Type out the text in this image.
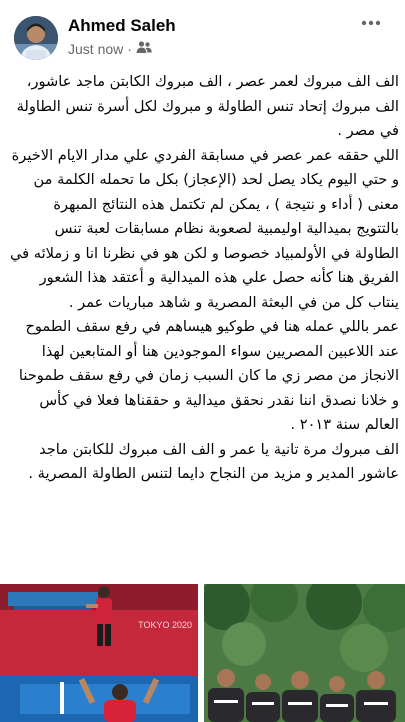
Ahmed Saleh
Just now ·

الف الف مبروك لعمر عصر ، الف مبروك الكابتن ماجد عاشور، الف مبروك إتحاد تنس الطاولة و مبروك لكل أسرة تنس الطاولة في مصر .

اللي حققه عمر عصر في مسابقة الفردي علي مدار الايام الاخيرة و حتي اليوم يكاد يصل لحد (الإعجاز) بكل ما تحمله الكلمة من معنى ( أداء و نتيجة ) ، يمكن لم تكتمل هذه النتائج المبهرة بالتتويج بميدالية اوليمبية لصعوبة نظام مسابقات لعبة تنس الطاولة في الأولمبياد خصوصا و لكن هو في نظرنا انا و زملائه في الفريق هنا كأنه حصل علي هذه الميدالية و أعتقد هذا الشعور ينتاب كل من في البعثة المصرية و شاهد مباريات عمر .

عمر باللي عمله هنا في طوكيو هيساهم في رفع سقف الطموح عند اللاعبين المصريين سواء الموجودين هنا أو المتابعين لهذا الانجاز من مصر زي ما كان السبب زمان في رفع سقف طموحنا و خلانا نصدق اننا نقدر نحقق ميدالية و حققناها فعلا في كأس العالم سنة ٢٠١٣ .

الف مبروك مرة تانية يا عمر و الف الف مبروك للكابتن ماجد عاشور المدير و مزيد من النجاح دايما لتنس الطاولة المصرية .

TOKYO 2020
